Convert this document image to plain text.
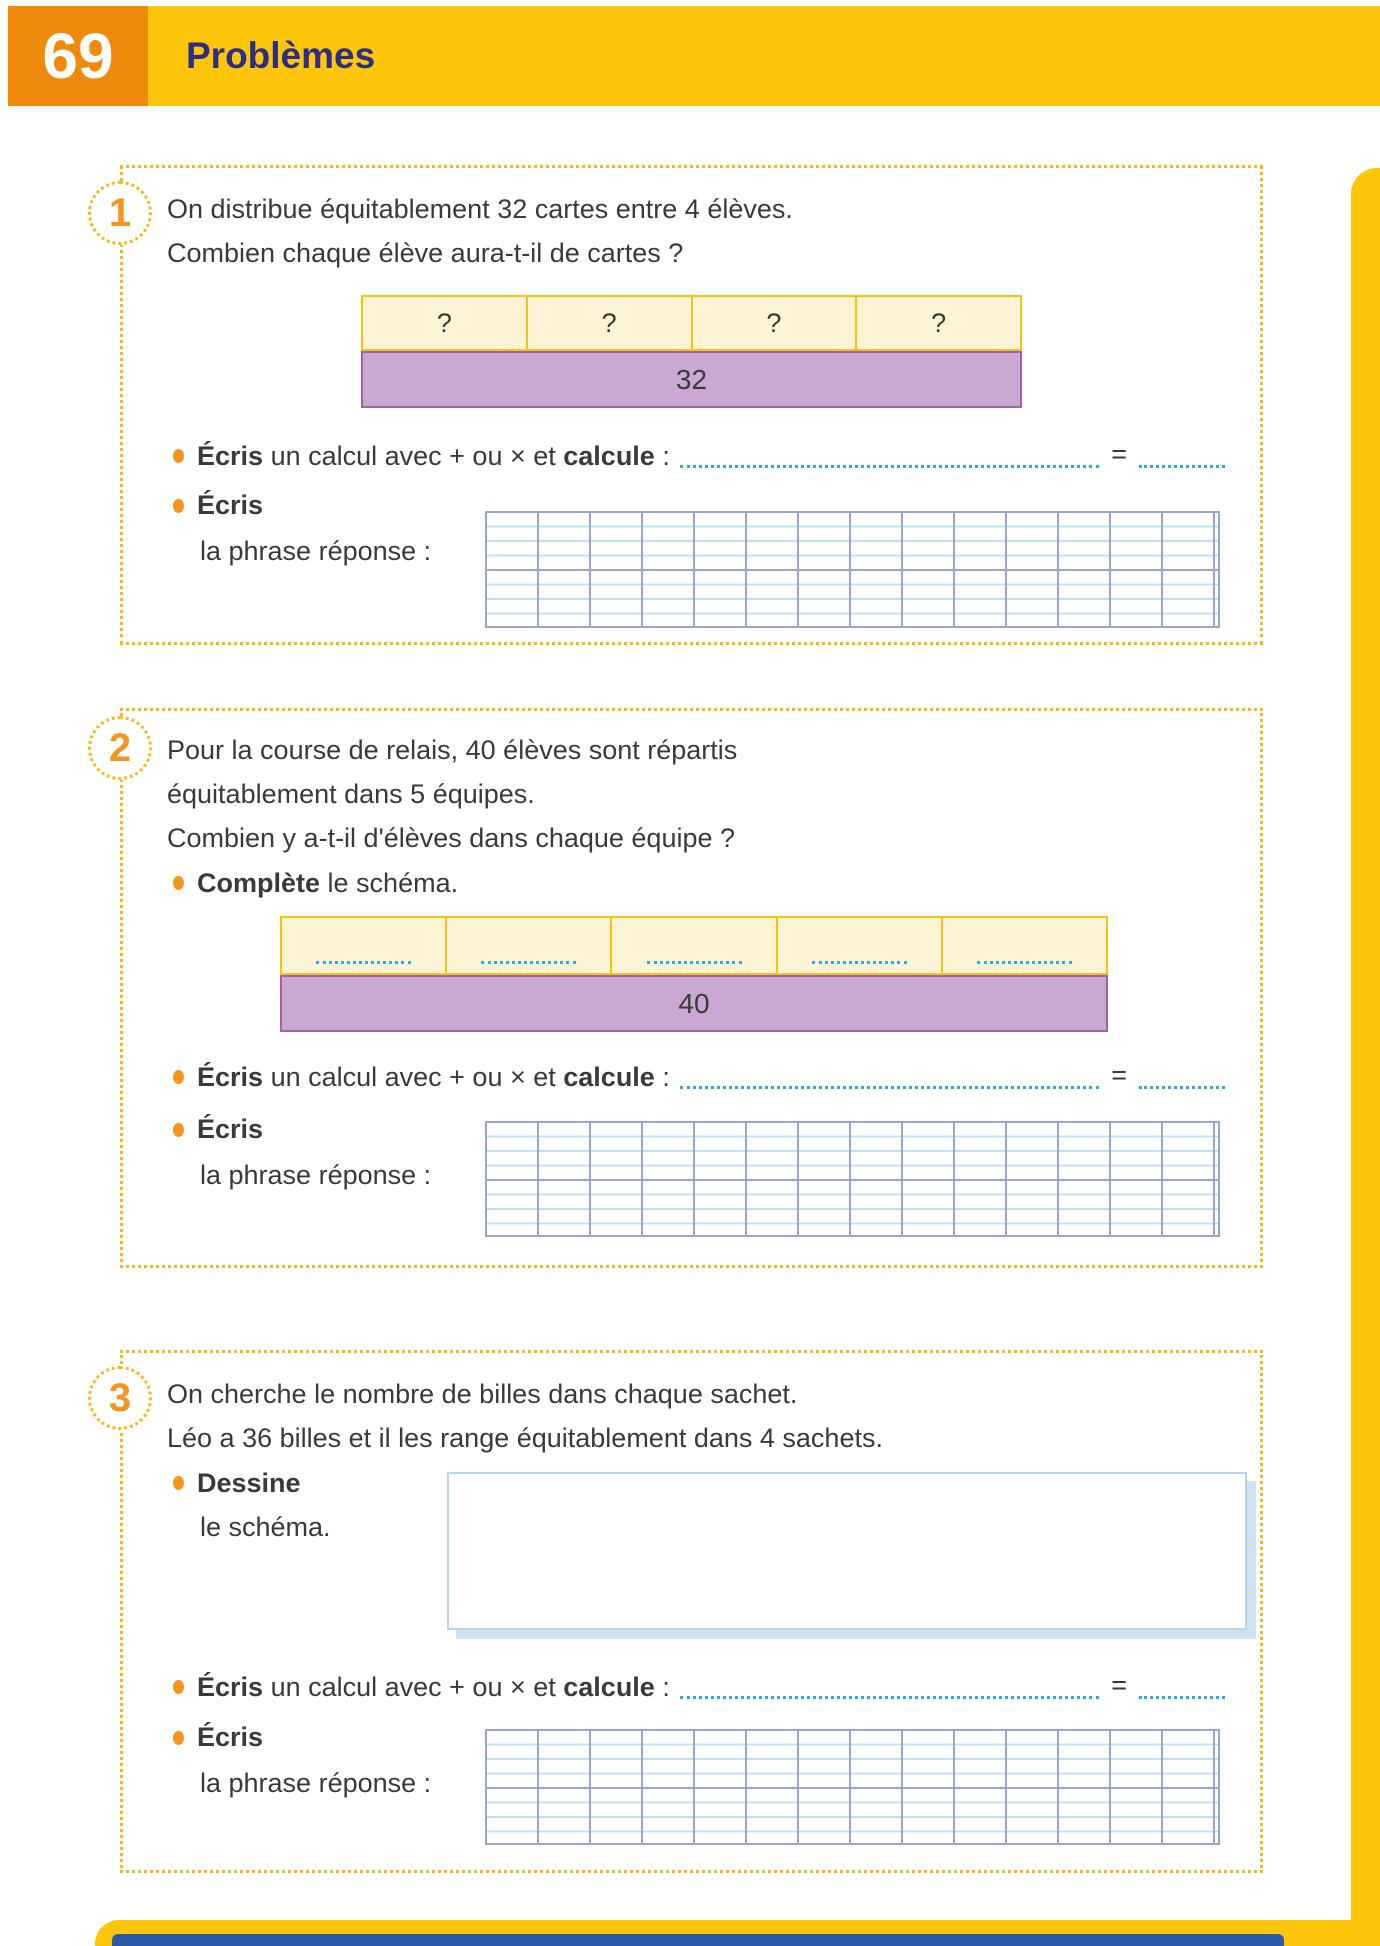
69	Problèmes
1 On distribue équitablement 32 cartes entre 4 élèves.
Combien chaque élève aura-t-il de cartes ?
?	?	?	?
32
Écris un calcul avec + ou × et calcule :	=
Écris
la phrase réponse :
2 Pour la course de relais, 40 élèves sont répartis
équitablement dans 5 équipes.
Combien y a-t-il d'élèves dans chaque équipe ?
Complète le schéma.
40
Écris un calcul avec + ou × et calcule :	=
Écris
la phrase réponse :
3 On cherche le nombre de billes dans chaque sachet.
Léo a 36 billes et il les range équitablement dans 4 sachets.
Dessine
le schéma.
Écris un calcul avec + ou × et calcule :	=
Écris
la phrase réponse :
